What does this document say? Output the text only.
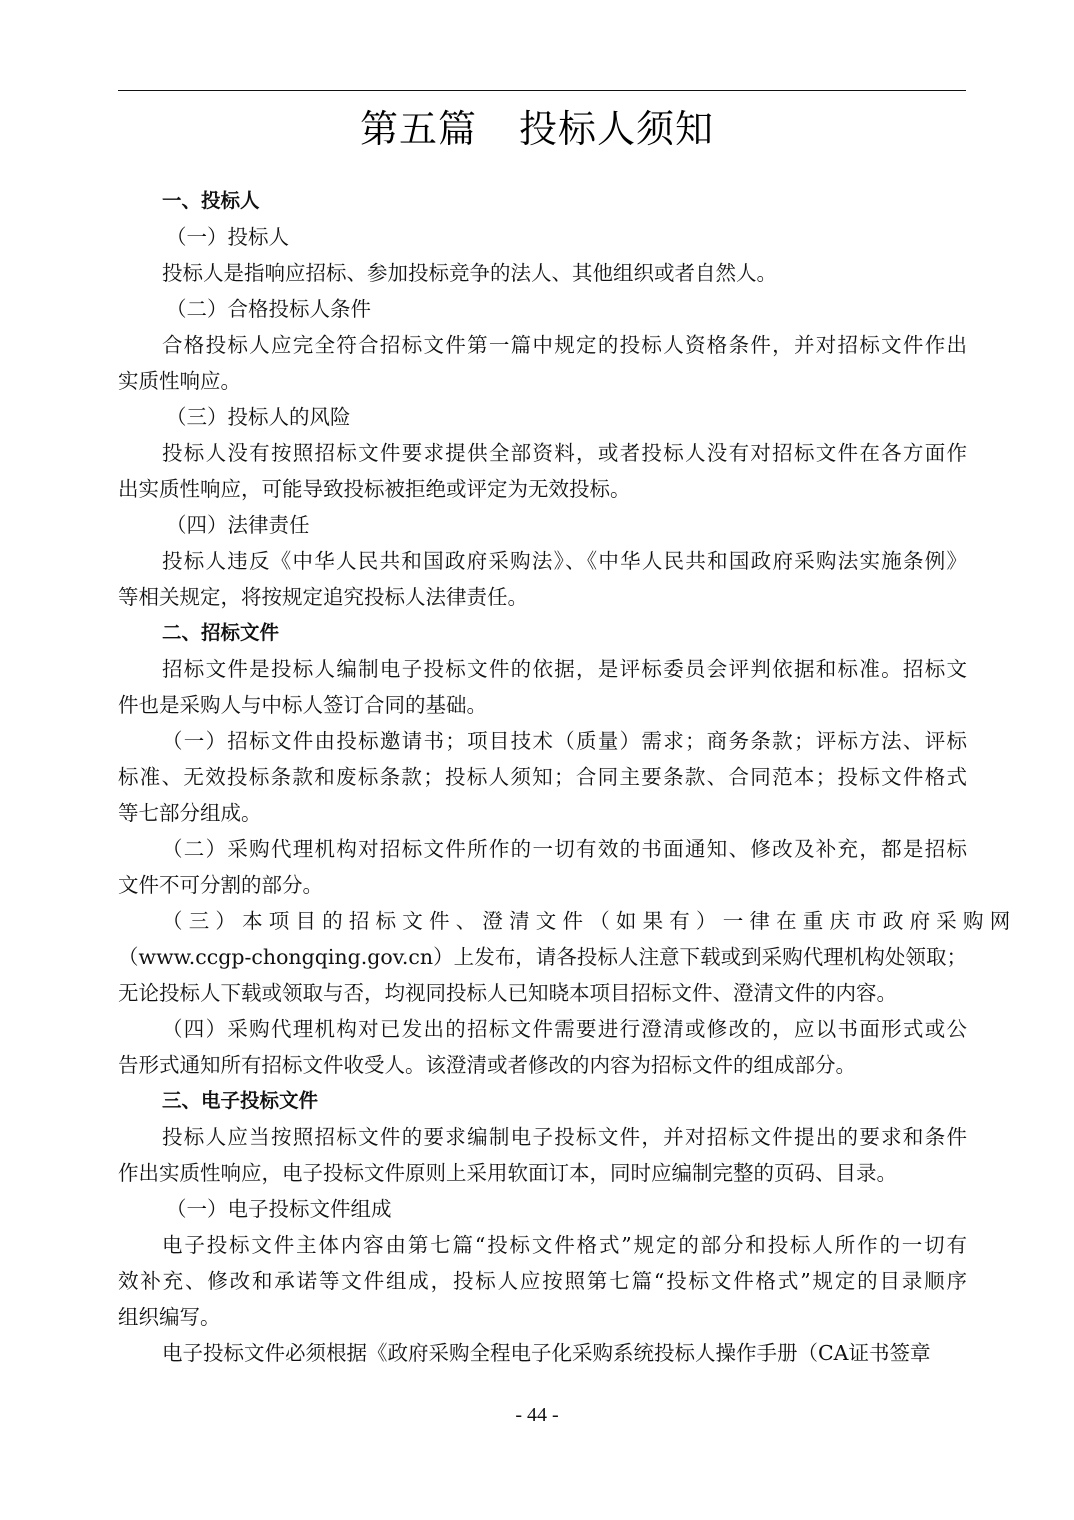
第五篇 投标人须知
一、投标人
（一）投标人
投标人是指响应招标、参加投标竞争的法人、其他组织或者自然人。
（二）合格投标人条件
合格投标人应完全符合招标文件第一篇中规定的投标人资格条件，并对招标文件作出
实质性响应。
（三）投标人的风险
投标人没有按照招标文件要求提供全部资料，或者投标人没有对招标文件在各方面作
出实质性响应，可能导致投标被拒绝或评定为无效投标。
（四）法律责任
投标人违反《中华人民共和国政府采购法》、《中华人民共和国政府采购法实施条例》
等相关规定，将按规定追究投标人法律责任。
二、招标文件
招标文件是投标人编制电子投标文件的依据，是评标委员会评判依据和标准。招标文
件也是采购人与中标人签订合同的基础。
（一）招标文件由投标邀请书；项目技术（质量）需求；商务条款；评标方法、评标
标准、无效投标条款和废标条款；投标人须知；合同主要条款、合同范本；投标文件格式
等七部分组成。
（二）采购代理机构对招标文件所作的一切有效的书面通知、修改及补充，都是招标
文件不可分割的部分。
（三）本项目的招标文件、澄清文件（如果有）一律在重庆市政府采购网
（www.ccgp-chongqing.gov.cn）上发布，请各投标人注意下载或到采购代理机构处领取；
无论投标人下载或领取与否，均视同投标人已知晓本项目招标文件、澄清文件的内容。
（四）采购代理机构对已发出的招标文件需要进行澄清或修改的，应以书面形式或公
告形式通知所有招标文件收受人。该澄清或者修改的内容为招标文件的组成部分。
三、电子投标文件
投标人应当按照招标文件的要求编制电子投标文件，并对招标文件提出的要求和条件
作出实质性响应，电子投标文件原则上采用软面订本，同时应编制完整的页码、目录。
（一）电子投标文件组成
电子投标文件主体内容由第七篇“投标文件格式”规定的部分和投标人所作的一切有
效补充、修改和承诺等文件组成，投标人应按照第七篇“投标文件格式”规定的目录顺序
组织编写。
电子投标文件必须根据《政府采购全程电子化采购系统投标人操作手册（CA证书签章
- 44 -
